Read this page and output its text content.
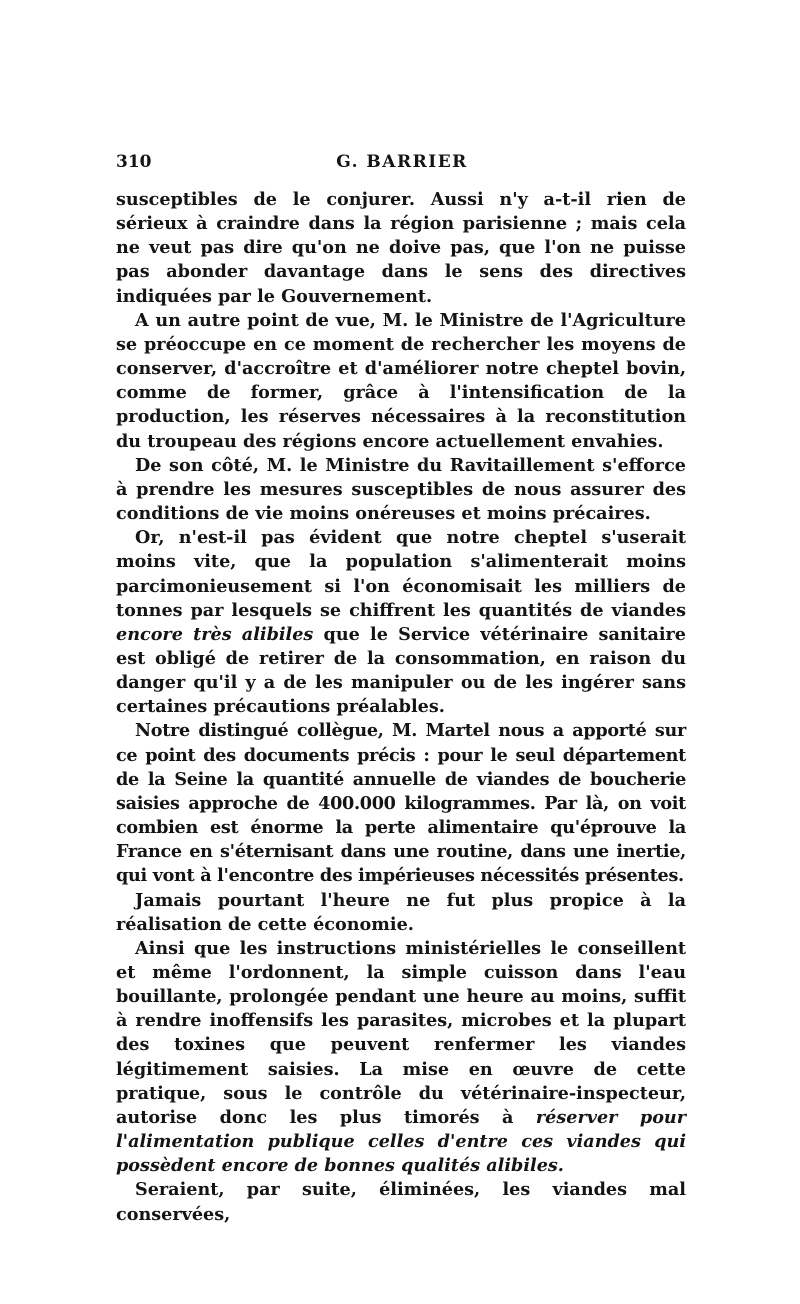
310	G. BARRIER

susceptibles de le conjurer. Aussi n'y a-t-il rien de sérieux à craindre dans la région parisienne ; mais cela ne veut pas dire qu'on ne doive pas, que l'on ne puisse pas abonder davantage dans le sens des directives indiquées par le Gouvernement.

A un autre point de vue, M. le Ministre de l'Agriculture se préoccupe en ce moment de rechercher les moyens de conserver, d'accroître et d'améliorer notre cheptel bovin, comme de former, grâce à l'intensification de la production, les réserves nécessaires à la reconstitution du troupeau des régions encore actuellement envahies.

De son côté, M. le Ministre du Ravitaillement s'efforce à prendre les mesures susceptibles de nous assurer des conditions de vie moins onéreuses et moins précaires.

Or, n'est-il pas évident que notre cheptel s'userait moins vite, que la population s'alimenterait moins parcimonieusement si l'on économisait les milliers de tonnes par lesquels se chiffrent les quantités de viandes encore très alibiles que le Service vétérinaire sanitaire est obligé de retirer de la consommation, en raison du danger qu'il y a de les manipuler ou de les ingérer sans certaines précautions préalables.

Notre distingué collègue, M. Martel nous a apporté sur ce point des documents précis : pour le seul département de la Seine la quantité annuelle de viandes de boucherie saisies approche de 400.000 kilogrammes. Par là, on voit combien est énorme la perte alimentaire qu'éprouve la France en s'éternisant dans une routine, dans une inertie, qui vont à l'encontre des impérieuses nécessités présentes.

Jamais pourtant l'heure ne fut plus propice à la réalisation de cette économie.

Ainsi que les instructions ministérielles le conseillent et même l'ordonnent, la simple cuisson dans l'eau bouillante, prolongée pendant une heure au moins, suffit à rendre inoffensifs les parasites, microbes et la plupart des toxines que peuvent renfermer les viandes légitimement saisies. La mise en œuvre de cette pratique, sous le contrôle du vétérinaire-inspecteur, autorise donc les plus timorés à réserver pour l'alimentation publique celles d'entre ces viandes qui possèdent encore de bonnes qualités alibiles.

Seraient, par suite, éliminées, les viandes mal conservées,
